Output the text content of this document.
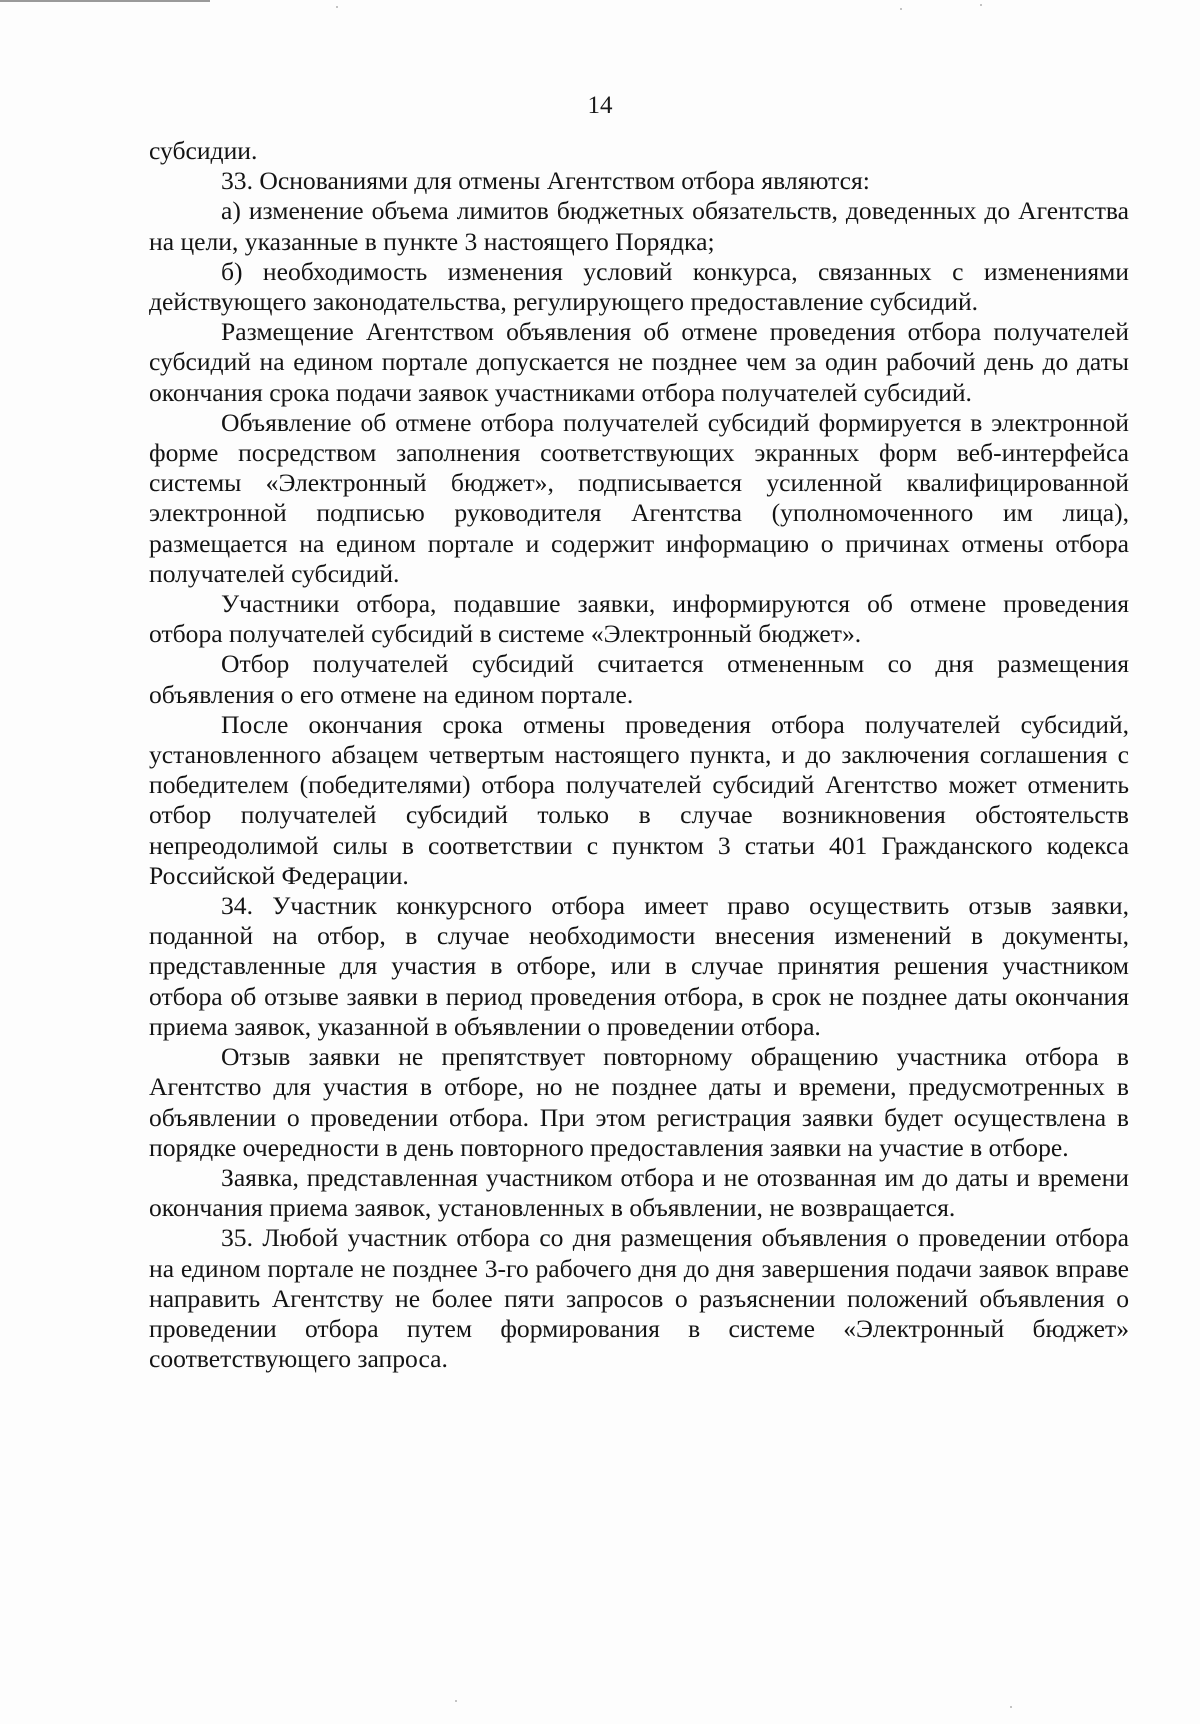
14

субсидии.

33. Основаниями для отмены Агентством отбора являются:

а) изменение объема лимитов бюджетных обязательств, доведенных до Агентства на цели, указанные в пункте 3 настоящего Порядка;

б) необходимость изменения условий конкурса, связанных с изменениями действующего законодательства, регулирующего предоставление субсидий.

Размещение Агентством объявления об отмене проведения отбора получателей субсидий на едином портале допускается не позднее чем за один рабочий день до даты окончания срока подачи заявок участниками отбора получателей субсидий.

Объявление об отмене отбора получателей субсидий формируется в электронной форме посредством заполнения соответствующих экранных форм веб-интерфейса системы «Электронный бюджет», подписывается усиленной квалифицированной электронной подписью руководителя Агентства (уполномоченного им лица), размещается на едином портале и содержит информацию о причинах отмены отбора получателей субсидий.

Участники отбора, подавшие заявки, информируются об отмене проведения отбора получателей субсидий в системе «Электронный бюджет».

Отбор получателей субсидий считается отмененным со дня размещения объявления о его отмене на едином портале.

После окончания срока отмены проведения отбора получателей субсидий, установленного абзацем четвертым настоящего пункта, и до заключения соглашения с победителем (победителями) отбора получателей субсидий Агентство может отменить отбор получателей субсидий только в случае возникновения обстоятельств непреодолимой силы в соответствии с пунктом 3 статьи 401 Гражданского кодекса Российской Федерации.

34. Участник конкурсного отбора имеет право осуществить отзыв заявки, поданной на отбор, в случае необходимости внесения изменений в документы, представленные для участия в отборе, или в случае принятия решения участником отбора об отзыве заявки в период проведения отбора, в срок не позднее даты окончания приема заявок, указанной в объявлении о проведении отбора.

Отзыв заявки не препятствует повторному обращению участника отбора в Агентство для участия в отборе, но не позднее даты и времени, предусмотренных в объявлении о проведении отбора. При этом регистрация заявки будет осуществлена в порядке очередности в день повторного предоставления заявки на участие в отборе.

Заявка, представленная участником отбора и не отозванная им до даты и времени окончания приема заявок, установленных в объявлении, не возвращается.

35. Любой участник отбора со дня размещения объявления о проведении отбора на едином портале не позднее 3-го рабочего дня до дня завершения подачи заявок вправе направить Агентству не более пяти запросов о разъяснении положений объявления о проведении отбора путем формирования в системе «Электронный бюджет» соответствующего запроса.
